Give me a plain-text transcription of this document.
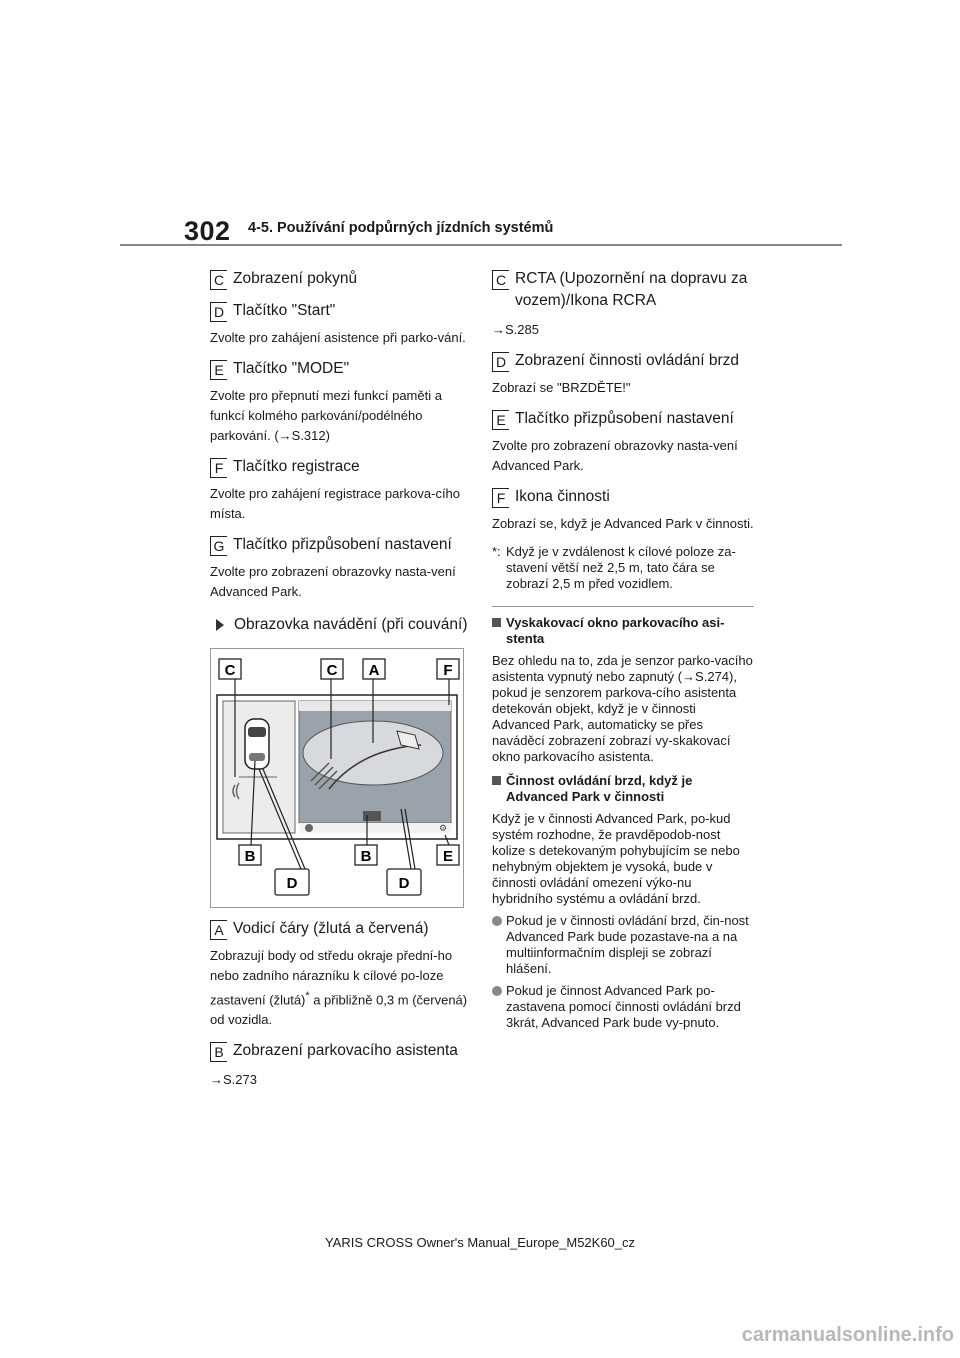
302 4-5. Používání podpůrných jízdních systémů
C Zobrazení pokynů
D Tlačítko "Start"
Zvolte pro zahájení asistence při parko-vání.
E Tlačítko "MODE"
Zvolte pro přepnutí mezi funkcí paměti a funkcí kolmého parkování/podélného parkování. (→S.312)
F Tlačítko registrace
Zvolte pro zahájení registrace parkova-cího místa.
G Tlačítko přizpůsobení nastavení
Zvolte pro zobrazení obrazovky nasta-vení Advanced Park.
Obrazovka navádění (při couvání)
⚙
C	C A	F
B	B	E
D	D
A Vodicí čáry (žlutá a červená)
Zobrazují body od středu okraje přední-ho nebo zadního nárazníku k cílové po-loze zastavení (žlutá)* a přibližně 0,3 m (červená) od vozidla.
B Zobrazení parkovacího asistenta
→S.273
C RCTA (Upozornění na dopravu za vozem)/Ikona RCRA
→S.285
D Zobrazení činnosti ovládání brzd
Zobrazí se "BRZDĚTE!"
E Tlačítko přizpůsobení nastavení
Zvolte pro zobrazení obrazovky nasta-vení Advanced Park.
F Ikona činnosti
Zobrazí se, když je Advanced Park v činnosti.
*: Když je v zvdálenost k cílové poloze za-stavení větší než 2,5 m, tato čára se zobrazí 2,5 m před vozidlem.
Vyskakovací okno parkovacího asi-stenta
Bez ohledu na to, zda je senzor parko-vacího asistenta vypnutý nebo zapnutý (→S.274), pokud je senzorem parkova-cího asistenta detekován objekt, když je v činnosti Advanced Park, automaticky se přes naváděcí zobrazení zobrazí vy-skakovací okno parkovacího asistenta.
Činnost ovládání brzd, když je Advanced Park v činnosti
Když je v činnosti Advanced Park, po-kud systém rozhodne, že pravděpodob-nost kolize s detekovaným pohybujícím se nebo nehybným objektem je vysoká, bude v činnosti ovládání omezení výko-nu hybridního systému a ovládání brzd.
Pokud je v činnosti ovládání brzd, čin-nost Advanced Park bude pozastave-na a na multiinformačním displeji se zobrazí hlášení.
Pokud je činnost Advanced Park po-zastavena pomocí činnosti ovládání brzd 3krát, Advanced Park bude vy-pnuto.
YARIS CROSS Owner's Manual_Europe_M52K60_cz
carmanualsonline.info
